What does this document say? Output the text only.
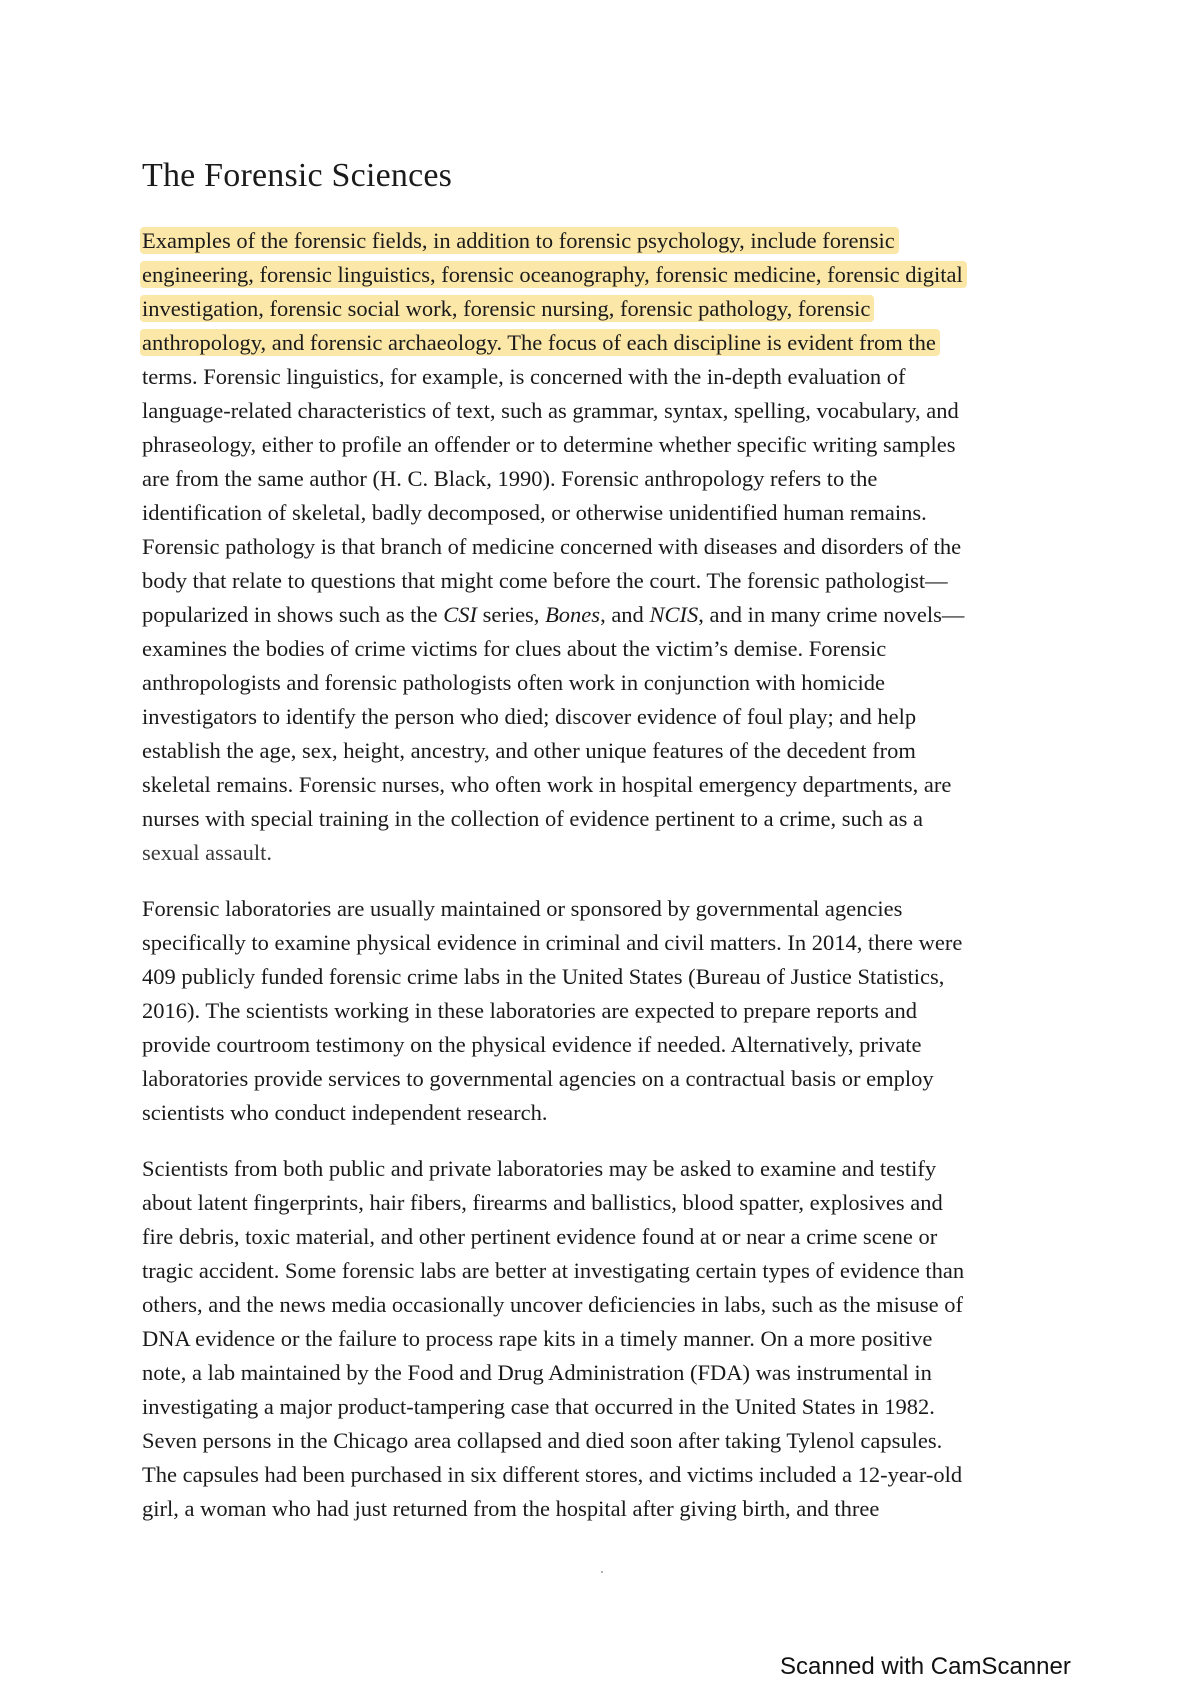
The Forensic Sciences
Examples of the forensic fields, in addition to forensic psychology, include forensic
engineering, forensic linguistics, forensic oceanography, forensic medicine, forensic digital
investigation, forensic social work, forensic nursing, forensic pathology, forensic
anthropology, and forensic archaeology. The focus of each discipline is evident from the
terms. Forensic linguistics, for example, is concerned with the in-depth evaluation of
language-related characteristics of text, such as grammar, syntax, spelling, vocabulary, and
phraseology, either to profile an offender or to determine whether specific writing samples
are from the same author (H. C. Black, 1990). Forensic anthropology refers to the
identification of skeletal, badly decomposed, or otherwise unidentified human remains.
Forensic pathology is that branch of medicine concerned with diseases and disorders of the
body that relate to questions that might come before the court. The forensic pathologist—
popularized in shows such as the CSI series, Bones, and NCIS, and in many crime novels—
examines the bodies of crime victims for clues about the victim’s demise. Forensic
anthropologists and forensic pathologists often work in conjunction with homicide
investigators to identify the person who died; discover evidence of foul play; and help
establish the age, sex, height, ancestry, and other unique features of the decedent from
skeletal remains. Forensic nurses, who often work in hospital emergency departments, are
nurses with special training in the collection of evidence pertinent to a crime, such as a
sexual assault.
Forensic laboratories are usually maintained or sponsored by governmental agencies
specifically to examine physical evidence in criminal and civil matters. In 2014, there were
409 publicly funded forensic crime labs in the United States (Bureau of Justice Statistics,
2016). The scientists working in these laboratories are expected to prepare reports and
provide courtroom testimony on the physical evidence if needed. Alternatively, private
laboratories provide services to governmental agencies on a contractual basis or employ
scientists who conduct independent research.
Scientists from both public and private laboratories may be asked to examine and testify
about latent fingerprints, hair fibers, firearms and ballistics, blood spatter, explosives and
fire debris, toxic material, and other pertinent evidence found at or near a crime scene or
tragic accident. Some forensic labs are better at investigating certain types of evidence than
others, and the news media occasionally uncover deficiencies in labs, such as the misuse of
DNA evidence or the failure to process rape kits in a timely manner. On a more positive
note, a lab maintained by the Food and Drug Administration (FDA) was instrumental in
investigating a major product-tampering case that occurred in the United States in 1982.
Seven persons in the Chicago area collapsed and died soon after taking Tylenol capsules.
The capsules had been purchased in six different stores, and victims included a 12-year-old
girl, a woman who had just returned from the hospital after giving birth, and three
Scanned with CamScanner
